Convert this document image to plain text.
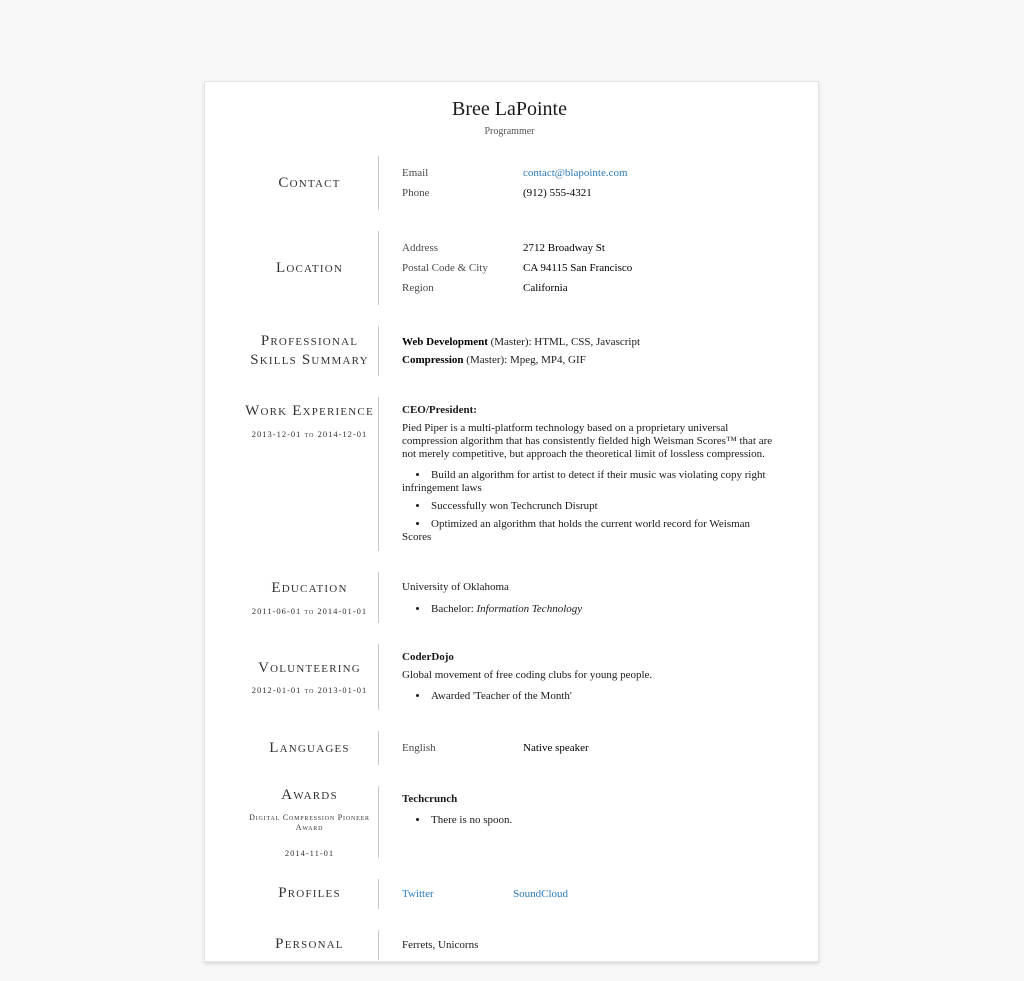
Bree LaPointe
Programmer
Contact
Email	contact@blapointe.com
Phone	(912) 555-4321
Location
Address	2712 Broadway St
Postal Code & City	CA 94115 San Francisco
Region	California
Professional Skills Summary
Web Development (Master): HTML, CSS, Javascript
Compression (Master): Mpeg, MP4, GIF
Work Experience
2013-12-01 to 2014-12-01
CEO/President:
Pied Piper is a multi-platform technology based on a proprietary universal compression algorithm that has consistently fielded high Weisman Scores™ that are not merely competitive, but approach the theoretical limit of lossless compression.
• Build an algorithm for artist to detect if their music was violating copy right infringement laws
• Successfully won Techcrunch Disrupt
• Optimized an algorithm that holds the current world record for Weisman Scores
Education
2011-06-01 to 2014-01-01
University of Oklahoma
• Bachelor: Information Technology
Volunteering
2012-01-01 to 2013-01-01
CoderDojo
Global movement of free coding clubs for young people.
• Awarded 'Teacher of the Month'
Languages	English	Native speaker
Awards
Digital Compression Pioneer Award
2014-11-01
Techcrunch
• There is no spoon.
Profiles	Twitter	SoundCloud
Personal	Ferrets, Unicorns
